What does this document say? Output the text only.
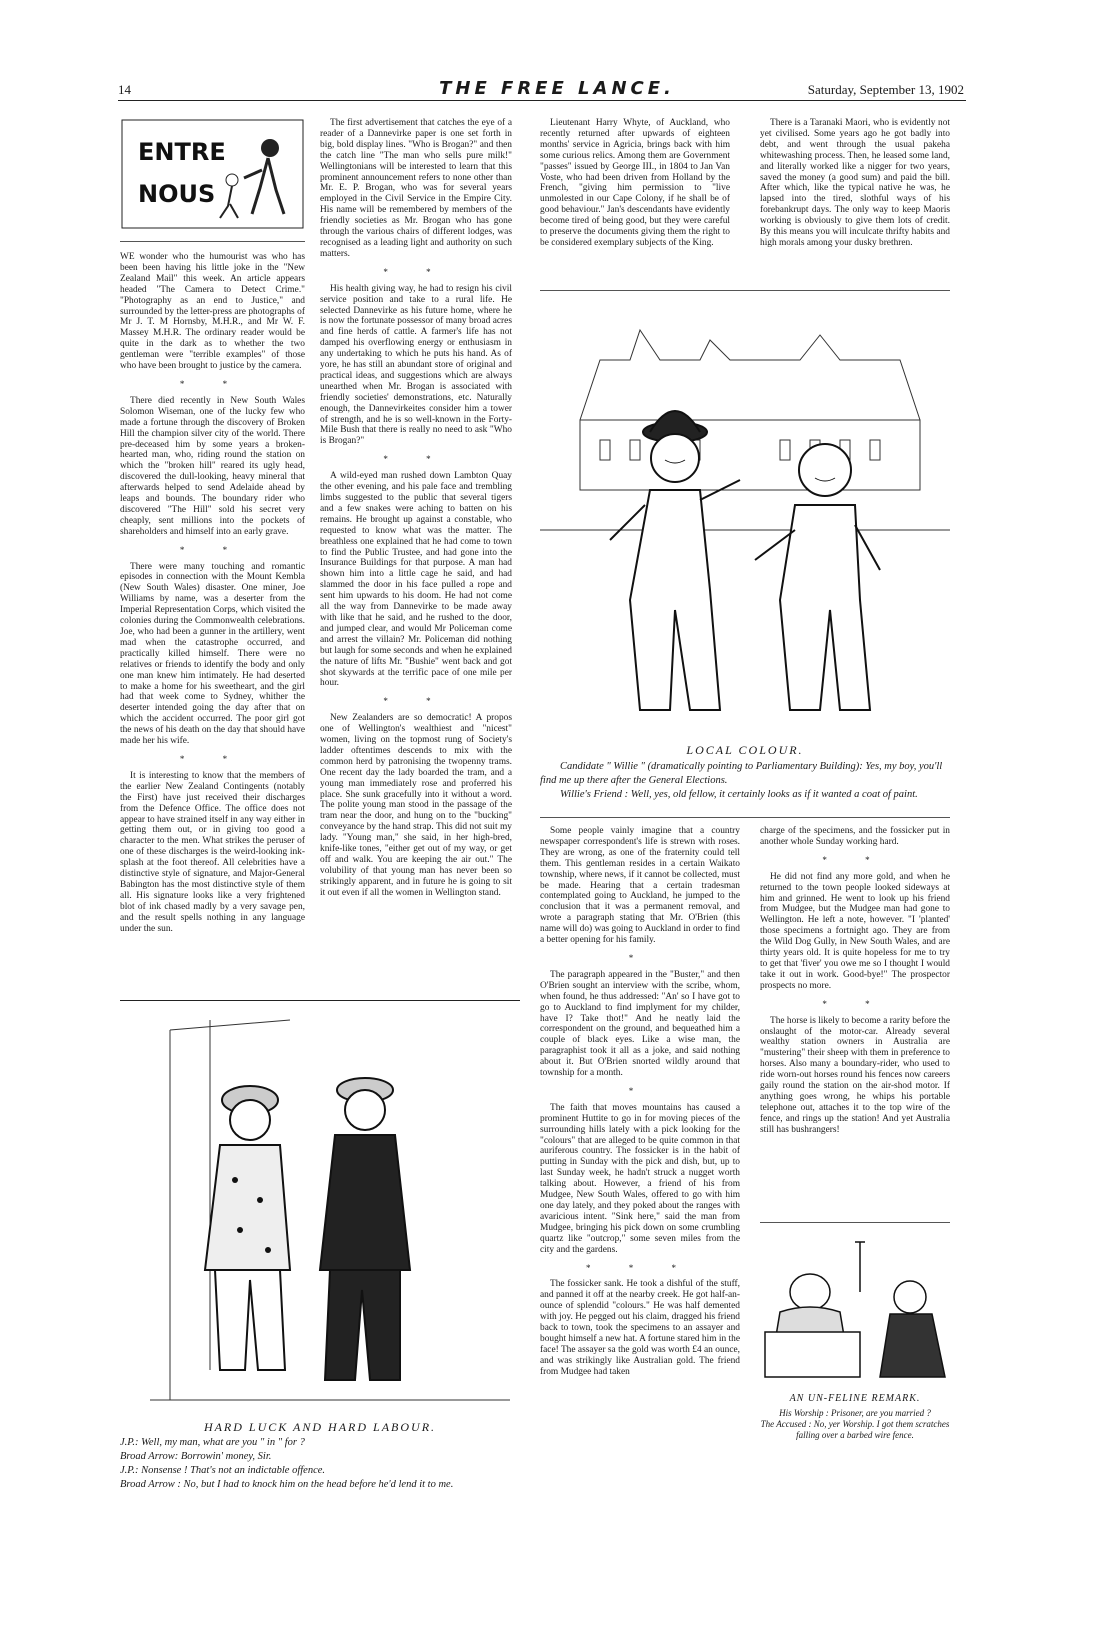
14	THE FREE LANCE.	Saturday, September 13, 1902
ENTRE
NOUS

WE wonder who the humourist was who has been been having his little joke in the "New Zealand Mail" this week. An article appears headed "The Camera to Detect Crime." "Photography as an end to Justice," and surrounded by the letter-press are photographs of Mr J. T. M Hornsby, M.H.R., and Mr W. F. Massey M.H.R. The ordinary reader would be quite in the dark as to whether the two gentleman were "terrible examples" of those who have been brought to justice by the camera.

* *

There died recently in New South Wales Solomon Wiseman, one of the lucky few who made a fortune through the discovery of Broken Hill the champion silver city of the world. There pre-deceased him by some years a broken-hearted man, who, riding round the station on which the "broken hill" reared its ugly head, discovered the dull-looking, heavy mineral that afterwards helped to send Adelaide ahead by leaps and bounds. The boundary rider who discovered "The Hill" sold his secret very cheaply, sent millions into the pockets of shareholders and himself into an early grave.

* *

There were many touching and romantic episodes in connection with the Mount Kembla (New South Wales) disaster. One miner, Joe Williams by name, was a deserter from the Imperial Representation Corps, which visited the colonies during the Commonwealth celebrations. Joe, who had been a gunner in the artillery, went mad when the catastrophe occurred, and practically killed himself. There were no relatives or friends to identify the body and only one man knew him intimately. He had deserted to make a home for his sweetheart, and the girl had that week come to Sydney, whither the deserter intended going the day after that on which the accident occurred. The poor girl got the news of his death on the day that should have made her his wife.

* *

It is interesting to know that the members of the earlier New Zealand Contingents (notably the First) have just received their discharges from the Defence Office. The office does not appear to have strained itself in any way either in getting them out, or in giving too good a character to the men. What strikes the peruser of one of these discharges is the weird-looking ink-splash at the foot thereof. All celebrities have a distinctive style of signature, and Major-General Babington has the most distinctive style of them all. His signature looks like a very frightened blot of ink chased madly by a very savage pen, and the result spells nothing in any language under the sun.

The first advertisement that catches the eye of a reader of a Dannevirke paper is one set forth in big, bold display lines. "Who is Brogan?" and then the catch line "The man who sells pure milk!" Wellingtonians will be interested to learn that this prominent announcement refers to none other than Mr. E. P. Brogan, who was for several years employed in the Civil Service in the Empire City. His name will be remembered by members of the friendly societies as Mr. Brogan who has gone through the various chairs of different lodges, was recognised as a leading light and authority on such matters.

* *

His health giving way, he had to resign his civil service position and take to a rural life. He selected Dannevirke as his future home, where he is now the fortunate possessor of many broad acres and fine herds of cattle. A farmer's life has not damped his overflowing energy or enthusiasm in any undertaking to which he puts his hand. As of yore, he has still an abundant store of original and practical ideas, and suggestions which are always unearthed when Mr. Brogan is associated with friendly societies' demonstrations, etc. Naturally enough, the Dannevirkeites consider him a tower of strength, and he is so well-known in the Forty-Mile Bush that there is really no need to ask "Who is Brogan?"

* *

A wild-eyed man rushed down Lambton Quay the other evening, and his pale face and trembling limbs suggested to the public that several tigers and a few snakes were aching to batten on his remains. He brought up against a constable, who requested to know what was the matter. The breathless one explained that he had come to town to find the Public Trustee, and had gone into the Insurance Buildings for that purpose. A man had shown him into a little cage he said, and had slammed the door in his face pulled a rope and sent him upwards to his doom. He had not come all the way from Dannevirke to be made away with like that he said, and he rushed to the door, and jumped clear, and would Mr Policeman come and arrest the villain? Mr. Policeman did nothing but laugh for some seconds and when he explained the nature of lifts Mr. "Bushie" went back and got shot skywards at the terrific pace of one mile per hour.

* *

New Zealanders are so democratic! A propos one of Wellington's wealthiest and "nicest" women, living on the topmost rung of Society's ladder oftentimes descends to mix with the common herd by patronising the twopenny trams. One recent day the lady boarded the tram, and a young man immediately rose and proferred his place. She sunk gracefully into it without a word. The polite young man stood in the passage of the tram near the door, and hung on to the "bucking" conveyance by the hand strap. This did not suit my lady. "Young man," she said, in her high-bred, knife-like tones, "either get out of my way, or get off and walk. You are keeping the air out." The volubility of that young man has never been so strikingly apparent, and in future he is going to sit it out even if all the women in Wellington stand.

Lieutenant Harry Whyte, of Auckland, who recently returned after upwards of eighteen months' service in Agricia, brings back with him some curious relics. Among them are Government "passes" issued by George III., in 1804 to Jan Van Voste, who had been driven from Holland by the French, "giving him permission to "live unmolested in our Cape Colony, if he shall be of good behaviour." Jan's descendants have evidently become tired of being good, but they were careful to preserve the documents giving them the right to be considered exemplary subjects of the King.

There is a Taranaki Maori, who is evidently not yet civilised. Some years ago he got badly into debt, and went through the usual pakeha whitewashing process. Then, he leased some land, and literally worked like a nigger for two years, saved the money (a good sum) and paid the bill. After which, like the typical native he was, he lapsed into the tired, slothful ways of his forebankrupt days. The only way to keep Maoris working is obviously to give them lots of credit. By this means you will inculcate thrifty habits and high morals among your dusky brethren.

LOCAL COLOUR.
Candidate " Willie " (dramatically pointing to Parliamentary Building): Yes, my boy, you'll find me up there after the General Elections.
Willie's Friend : Well, yes, old fellow, it certainly looks as if it wanted a coat of paint.

Some people vainly imagine that a country newspaper correspondent's life is strewn with roses. They are wrong, as one of the fraternity could tell them. This gentleman resides in a certain Waikato township, where news, if it cannot be collected, must be made. Hearing that a certain tradesman contemplated going to Auckland, he jumped to the conclusion that it was a permanent removal, and wrote a paragraph stating that Mr. O'Brien (this name will do) was going to Auckland in order to find a better opening for his family.

*

The paragraph appeared in the "Buster," and then O'Brien sought an interview with the scribe, whom, when found, he thus addressed: "An' so I have got to go to Auckland to find implyment for my childer, have I? Take thot!" And he neatly laid the correspondent on the ground, and bequeathed him a couple of black eyes. Like a wise man, the paragraphist took it all as a joke, and said nothing about it. But O'Brien snorted wildly around that township for a month.

*

The faith that moves mountains has caused a prominent Huttite to go in for moving pieces of the surrounding hills lately with a pick looking for the "colours" that are alleged to be quite common in that auriferous country. The fossicker is in the habit of putting in Sunday with the pick and dish, but, up to last Sunday week, he hadn't struck a nugget worth talking about. However, a friend of his from Mudgee, New South Wales, offered to go with him one day lately, and they poked about the ranges with avaricious intent. "Sink here," said the man from Mudgee, bringing his pick down on some crumbling quartz like "outcrop," some seven miles from the city and the gardens.

* * *

The fossicker sank. He took a dishful of the stuff, and panned it off at the nearby creek. He got half-an-ounce of splendid "colours." He was half demented with joy. He pegged out his claim, dragged his friend back to town, took the specimens to an assayer and bought himself a new hat. A fortune stared him in the face! The assayer sa the gold was worth £4 an ounce, and was strikingly like Australian gold. The friend from Mudgee had taken

charge of the specimens, and the fossicker put in another whole Sunday working hard.

* *

He did not find any more gold, and when he returned to the town people looked sideways at him and grinned. He went to look up his friend from Mudgee, but the Mudgee man had gone to Wellington. He left a note, however. "I 'planted' those specimens a fortnight ago. They are from the Wild Dog Gully, in New South Wales, and are thirty years old. It is quite hopeless for me to try to get that 'fiver' you owe me so I thought I would take it out in work. Good-bye!" The prospector prospects no more.

* *

The horse is likely to become a rarity before the onslaught of the motor-car. Already several wealthy station owners in Australia are "mustering" their sheep with them in preference to horses. Also many a boundary-rider, who used to ride worn-out horses round his fences now careers gaily round the station on the air-shod motor. If anything goes wrong, he whips his portable telephone out, attaches it to the top wire of the fence, and rings up the station! And yet Australia still has bushrangers!

AN UN-FELINE REMARK.
His Worship : Prisoner, are you married ?
The Accused : No, yer Worship. I got them scratches falling over a barbed wire fence.
HARD LUCK AND HARD LABOUR.
J.P.: Well, my man, what are you " in " for ?
Broad Arrow: Borrowin' money, Sir.
J.P.: Nonsense ! That's not an indictable offence.
Broad Arrow : No, but I had to knock him on the head before he'd lend it to me.
